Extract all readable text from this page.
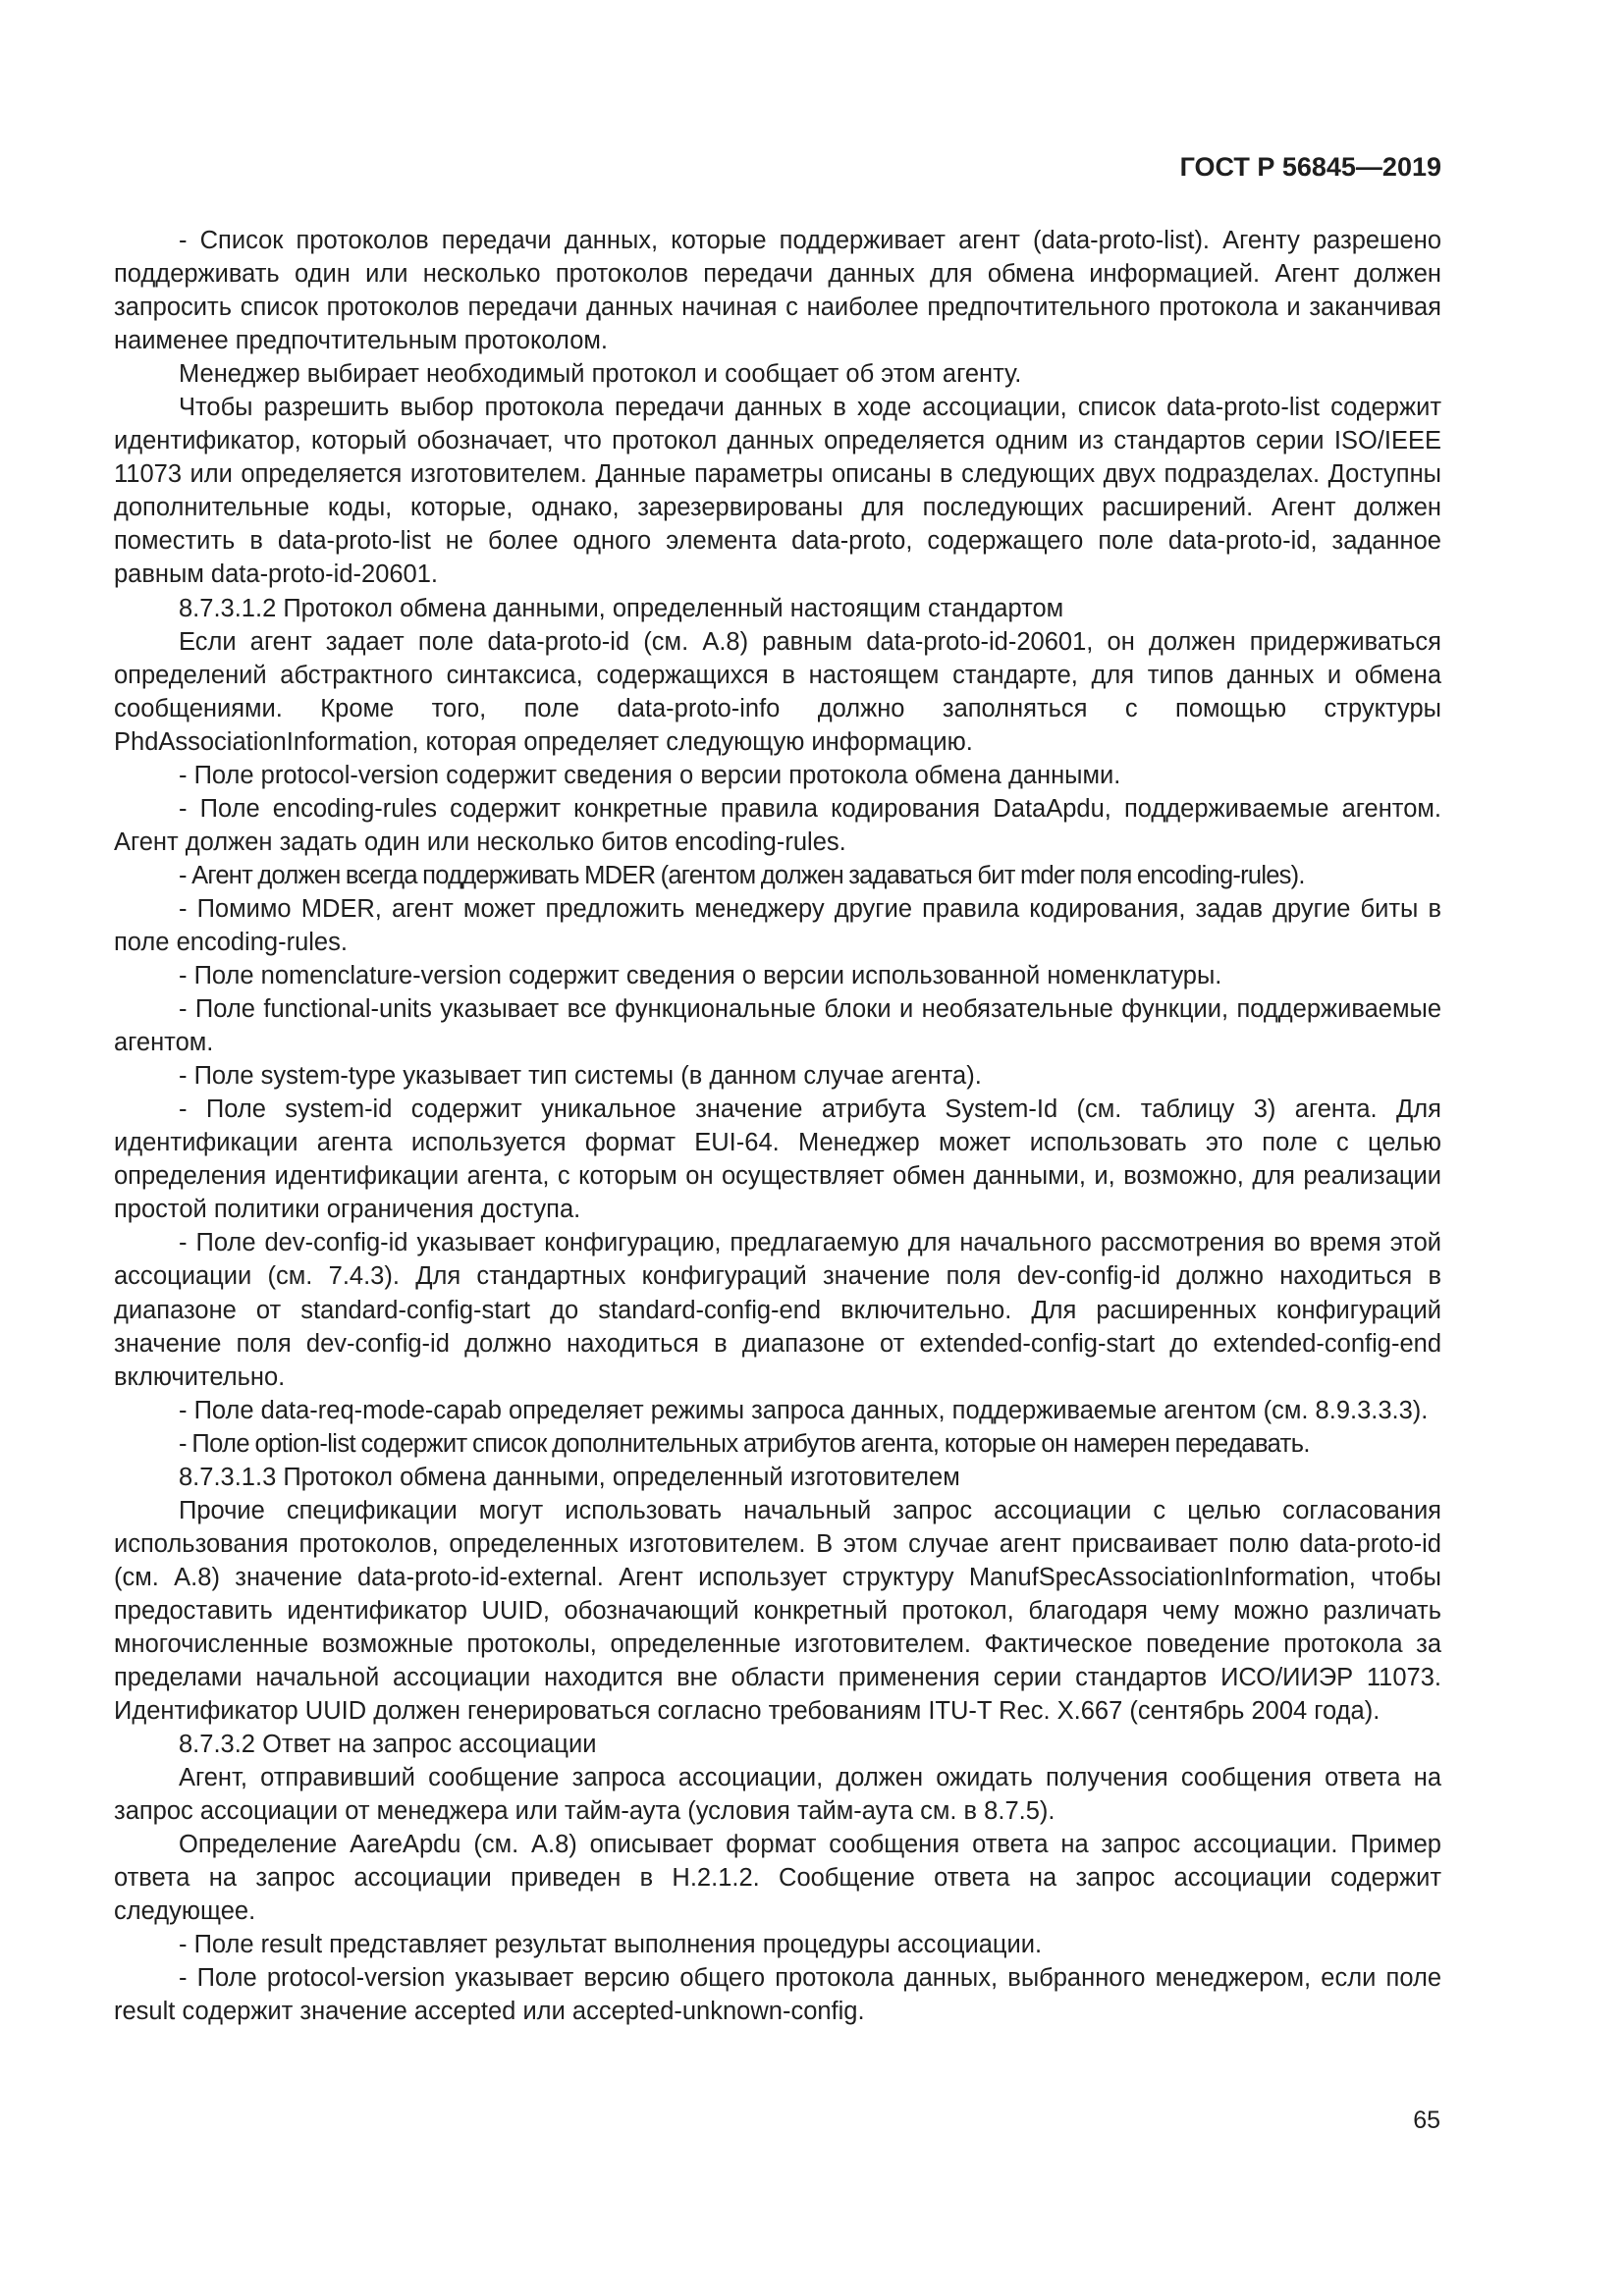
ГОСТ Р 56845—2019

- Список протоколов передачи данных, которые поддерживает агент (data-proto-list). Агенту разрешено поддерживать один или несколько протоколов передачи данных для обмена информацией. Агент должен запросить список протоколов передачи данных начиная с наиболее предпочтительного протокола и заканчивая наименее предпочтительным протоколом.

Менеджер выбирает необходимый протокол и сообщает об этом агенту.

Чтобы разрешить выбор протокола передачи данных в ходе ассоциации, список data-proto-list содержит идентификатор, который обозначает, что протокол данных определяется одним из стандартов серии ISO/IEEE 11073 или определяется изготовителем. Данные параметры описаны в следующих двух подразделах. Доступны дополнительные коды, которые, однако, зарезервированы для последующих расширений. Агент должен поместить в data-proto-list не более одного элемента data-proto, содержащего поле data-proto-id, заданное равным data-proto-id-20601.

8.7.3.1.2 Протокол обмена данными, определенный настоящим стандартом

Если агент задает поле data-proto-id (см. А.8) равным data-proto-id-20601, он должен придерживаться определений абстрактного синтаксиса, содержащихся в настоящем стандарте, для типов данных и обмена сообщениями. Кроме того, поле data-proto-info должно заполняться с помощью структуры PhdAssociationInformation, которая определяет следующую информацию.

- Поле protocol-version содержит сведения о версии протокола обмена данными.

- Поле encoding-rules содержит конкретные правила кодирования DataApdu, поддерживаемые агентом. Агент должен задать один или несколько битов encoding-rules.

- Агент должен всегда поддерживать MDER (агентом должен задаваться бит mder поля encoding-rules).

- Помимо MDER, агент может предложить менеджеру другие правила кодирования, задав другие биты в поле encoding-rules.

- Поле nomenclature-version содержит сведения о версии использованной номенклатуры.

- Поле functional-units указывает все функциональные блоки и необязательные функции, поддерживаемые агентом.

- Поле system-type указывает тип системы (в данном случае агента).

- Поле system-id содержит уникальное значение атрибута System-Id (см. таблицу 3) агента. Для идентификации агента используется формат EUI-64. Менеджер может использовать это поле с целью определения идентификации агента, с которым он осуществляет обмен данными, и, возможно, для реализации простой политики ограничения доступа.

- Поле dev-config-id указывает конфигурацию, предлагаемую для начального рассмотрения во время этой ассоциации (см. 7.4.3). Для стандартных конфигураций значение поля dev-config-id должно находиться в диапазоне от standard-config-start до standard-config-end включительно. Для расширенных конфигураций значение поля dev-config-id должно находиться в диапазоне от extended-config-start до extended-config-end включительно.

- Поле data-req-mode-capab определяет режимы запроса данных, поддерживаемые агентом (см. 8.9.3.3.3).

- Поле option-list содержит список дополнительных атрибутов агента, которые он намерен передавать.

8.7.3.1.3 Протокол обмена данными, определенный изготовителем

Прочие спецификации могут использовать начальный запрос ассоциации с целью согласования использования протоколов, определенных изготовителем. В этом случае агент присваивает полю data-proto-id (см. А.8) значение data-proto-id-external. Агент использует структуру ManufSpecAssociationInformation, чтобы предоставить идентификатор UUID, обозначающий конкретный протокол, благодаря чему можно различать многочисленные возможные протоколы, определенные изготовителем. Фактическое поведение протокола за пределами начальной ассоциации находится вне области применения серии стандартов ИСО/ИИЭР 11073. Идентификатор UUID должен генерироваться согласно требованиям ITU-T Rec. X.667 (сентябрь 2004 года).

8.7.3.2 Ответ на запрос ассоциации

Агент, отправивший сообщение запроса ассоциации, должен ожидать получения сообщения ответа на запрос ассоциации от менеджера или тайм-аута (условия тайм-аута см. в 8.7.5).

Определение AareApdu (см. А.8) описывает формат сообщения ответа на запрос ассоциации. Пример ответа на запрос ассоциации приведен в Н.2.1.2. Сообщение ответа на запрос ассоциации содержит следующее.

- Поле result представляет результат выполнения процедуры ассоциации.

- Поле protocol-version указывает версию общего протокола данных, выбранного менеджером, если поле result содержит значение accepted или accepted-unknown-config.

65
